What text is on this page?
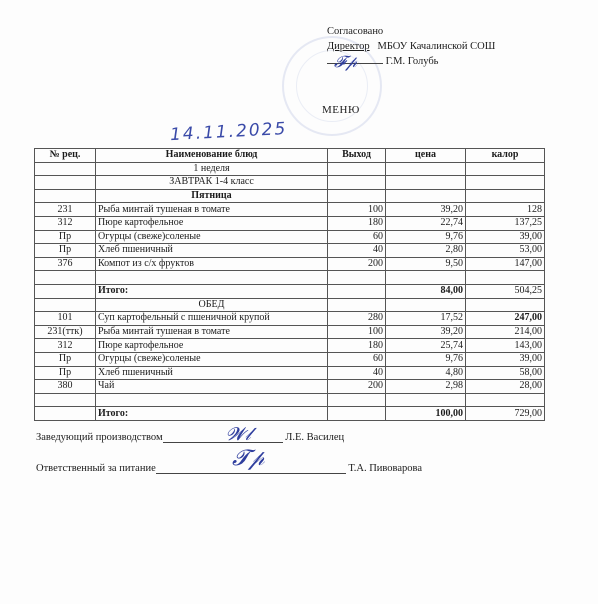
Согласовано
Директор МБОУ Качалинской СОШ
Г.М. Голубь
𝓕𝓅
МЕНЮ
14.11.2025
№ рец.	Наименование блюд	Выход	цена	калор
	1 неделя			
	ЗАВТРАК 1-4 класс			
	Пятница			
231	Рыба минтай тушеная в томате	100	39,20	128
312	Пюре картофельное	180	22,74	137,25
Пр	Огурцы (свеже)соленые	60	9,76	39,00
Пр	Хлеб пшеничный	40	2,80	53,00
376	Компот из с/х фруктов	200	9,50	147,00

	Итого:		84,00	504,25
	ОБЕД			
101	Суп картофельный с пшеничной крупой	280	17,52	247,00
231(ттк)	Рыба минтай тушеная в томате	100	39,20	214,00
312	Пюре картофельное	180	25,74	143,00
Пр	Огурцы (свеже)соленые	60	9,76	39,00
Пр	Хлеб пшеничный	40	4,80	58,00
380	Чай	200	2,98	28,00

	Итого:		100,00	729,00
Заведующий производством	Л.Е. Василец
𝓦𝓁
Ответственный за питание	Т.А. Пивоварова
𝓣𝓅
